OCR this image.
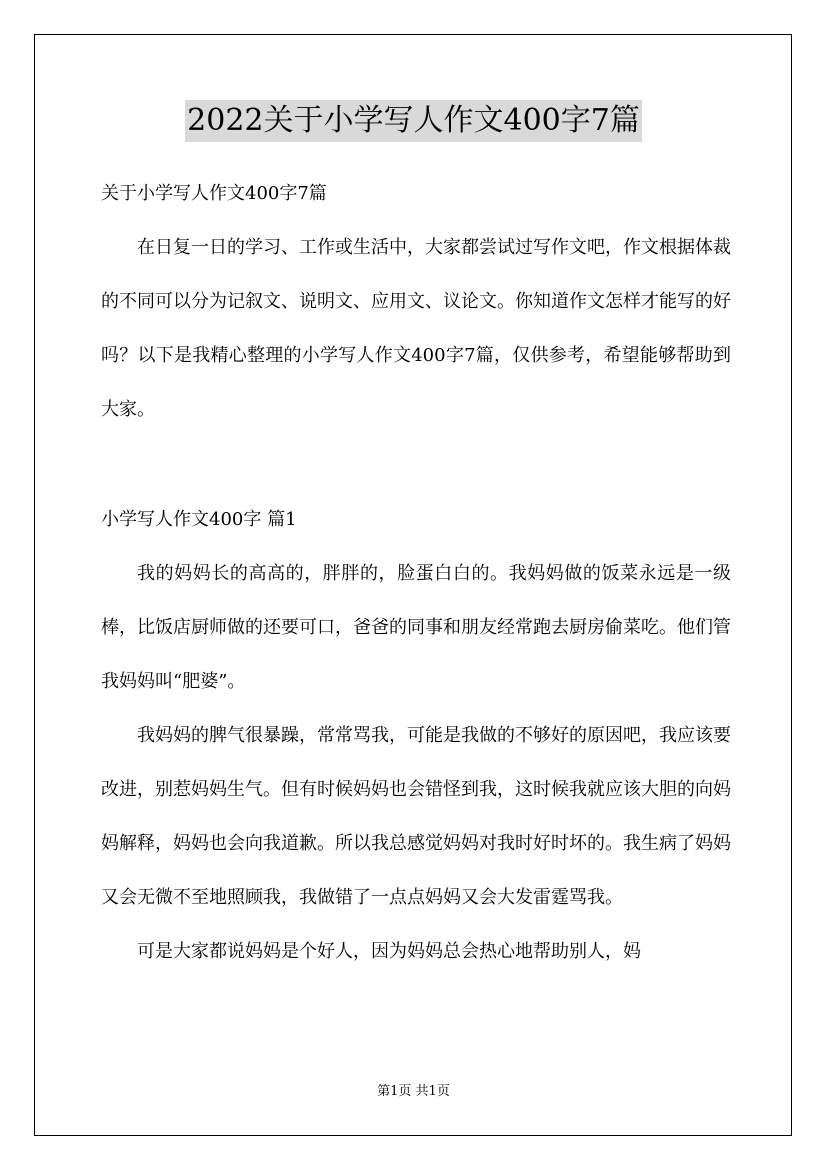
2022关于小学写人作文400字7篇
关于小学写人作文400字7篇

在日复一日的学习、工作或生活中，大家都尝试过写作文吧，作文根据体裁的不同可以分为记叙文、说明文、应用文、议论文。你知道作文怎样才能写的好吗？以下是我精心整理的小学写人作文400字7篇，仅供参考，希望能够帮助到大家。

小学写人作文400字 篇1

我的妈妈长的高高的，胖胖的，脸蛋白白的。我妈妈做的饭菜永远是一级棒，比饭店厨师做的还要可口，爸爸的同事和朋友经常跑去厨房偷菜吃。他们管我妈妈叫“肥婆”。

我妈妈的脾气很暴躁，常常骂我，可能是我做的不够好的原因吧，我应该要改进，别惹妈妈生气。但有时候妈妈也会错怪到我，这时候我就应该大胆的向妈妈解释，妈妈也会向我道歉。所以我总感觉妈妈对我时好时坏的。我生病了妈妈又会无微不至地照顾我，我做错了一点点妈妈又会大发雷霆骂我。

可是大家都说妈妈是个好人，因为妈妈总会热心地帮助别人，妈

第1页 共1页
